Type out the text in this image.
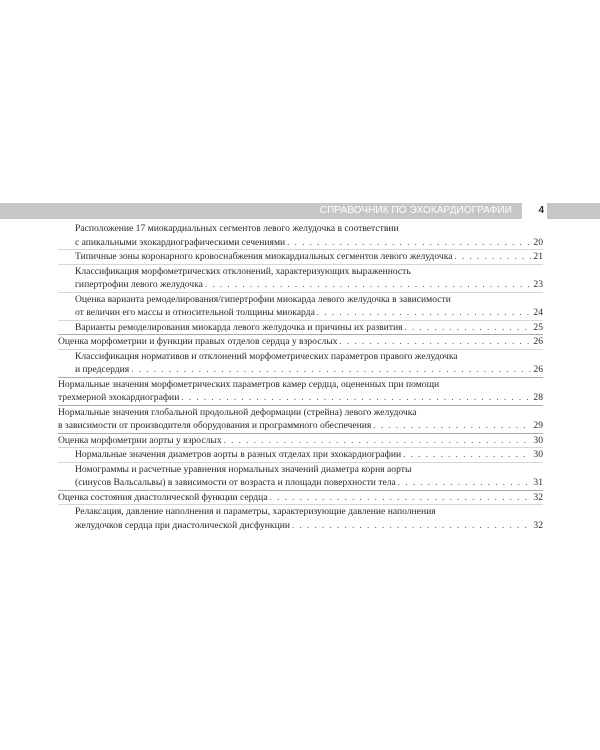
СПРАВОЧНИК ПО ЭХОКАРДИОГРАФИИ	4
Расположение 17 миокардиальных сегментов левого желудочка в соответствии
с апикальными эхокардиографическими сечениями . . .	20
Типичные зоны коронарного кровоснабжения миокардиальных сегментов левого желудочка . . .	21
Классификация морфометрических отклонений, характеризующих выраженность
гипертрофии левого желудочка . . .	23
Оценка варианта ремоделирования/гипертрофии миокарда левого желудочка в зависимости
от величин его массы и относительной толщины миокарда . . .	24
Варианты ремоделирования миокарда левого желудочка и причины их развития . . .	25
Оценка морфометрии и функции правых отделов сердца у взрослых . . .	26
Классификация нормативов и отклонений морфометрических параметров правого желудочка
и предсердия . . .	26
Нормальные значения морфометрических параметров камер сердца, оцененных при помощи
трехмерной эхокардиографии . . .	28
Нормальные значения глобальной продольной деформации (стрейна) левого желудочка
в зависимости от производителя оборудования и программного обеспечения . . .	29
Оценка морфометрии аорты у взрослых . . .	30
Нормальные значения диаметров аорты в разных отделах при эхокардиографии . . .	30
Номограммы и расчетные уравнения нормальных значений диаметра корня аорты
(синусов Вальсальвы) в зависимости от возраста и площади поверхности тела . . .	31
Оценка состояния диастолической функции сердца . . .	32
Релаксация, давление наполнения и параметры, характеризующие давление наполнения
желудочков сердца при диастолической дисфункции . . .	32
